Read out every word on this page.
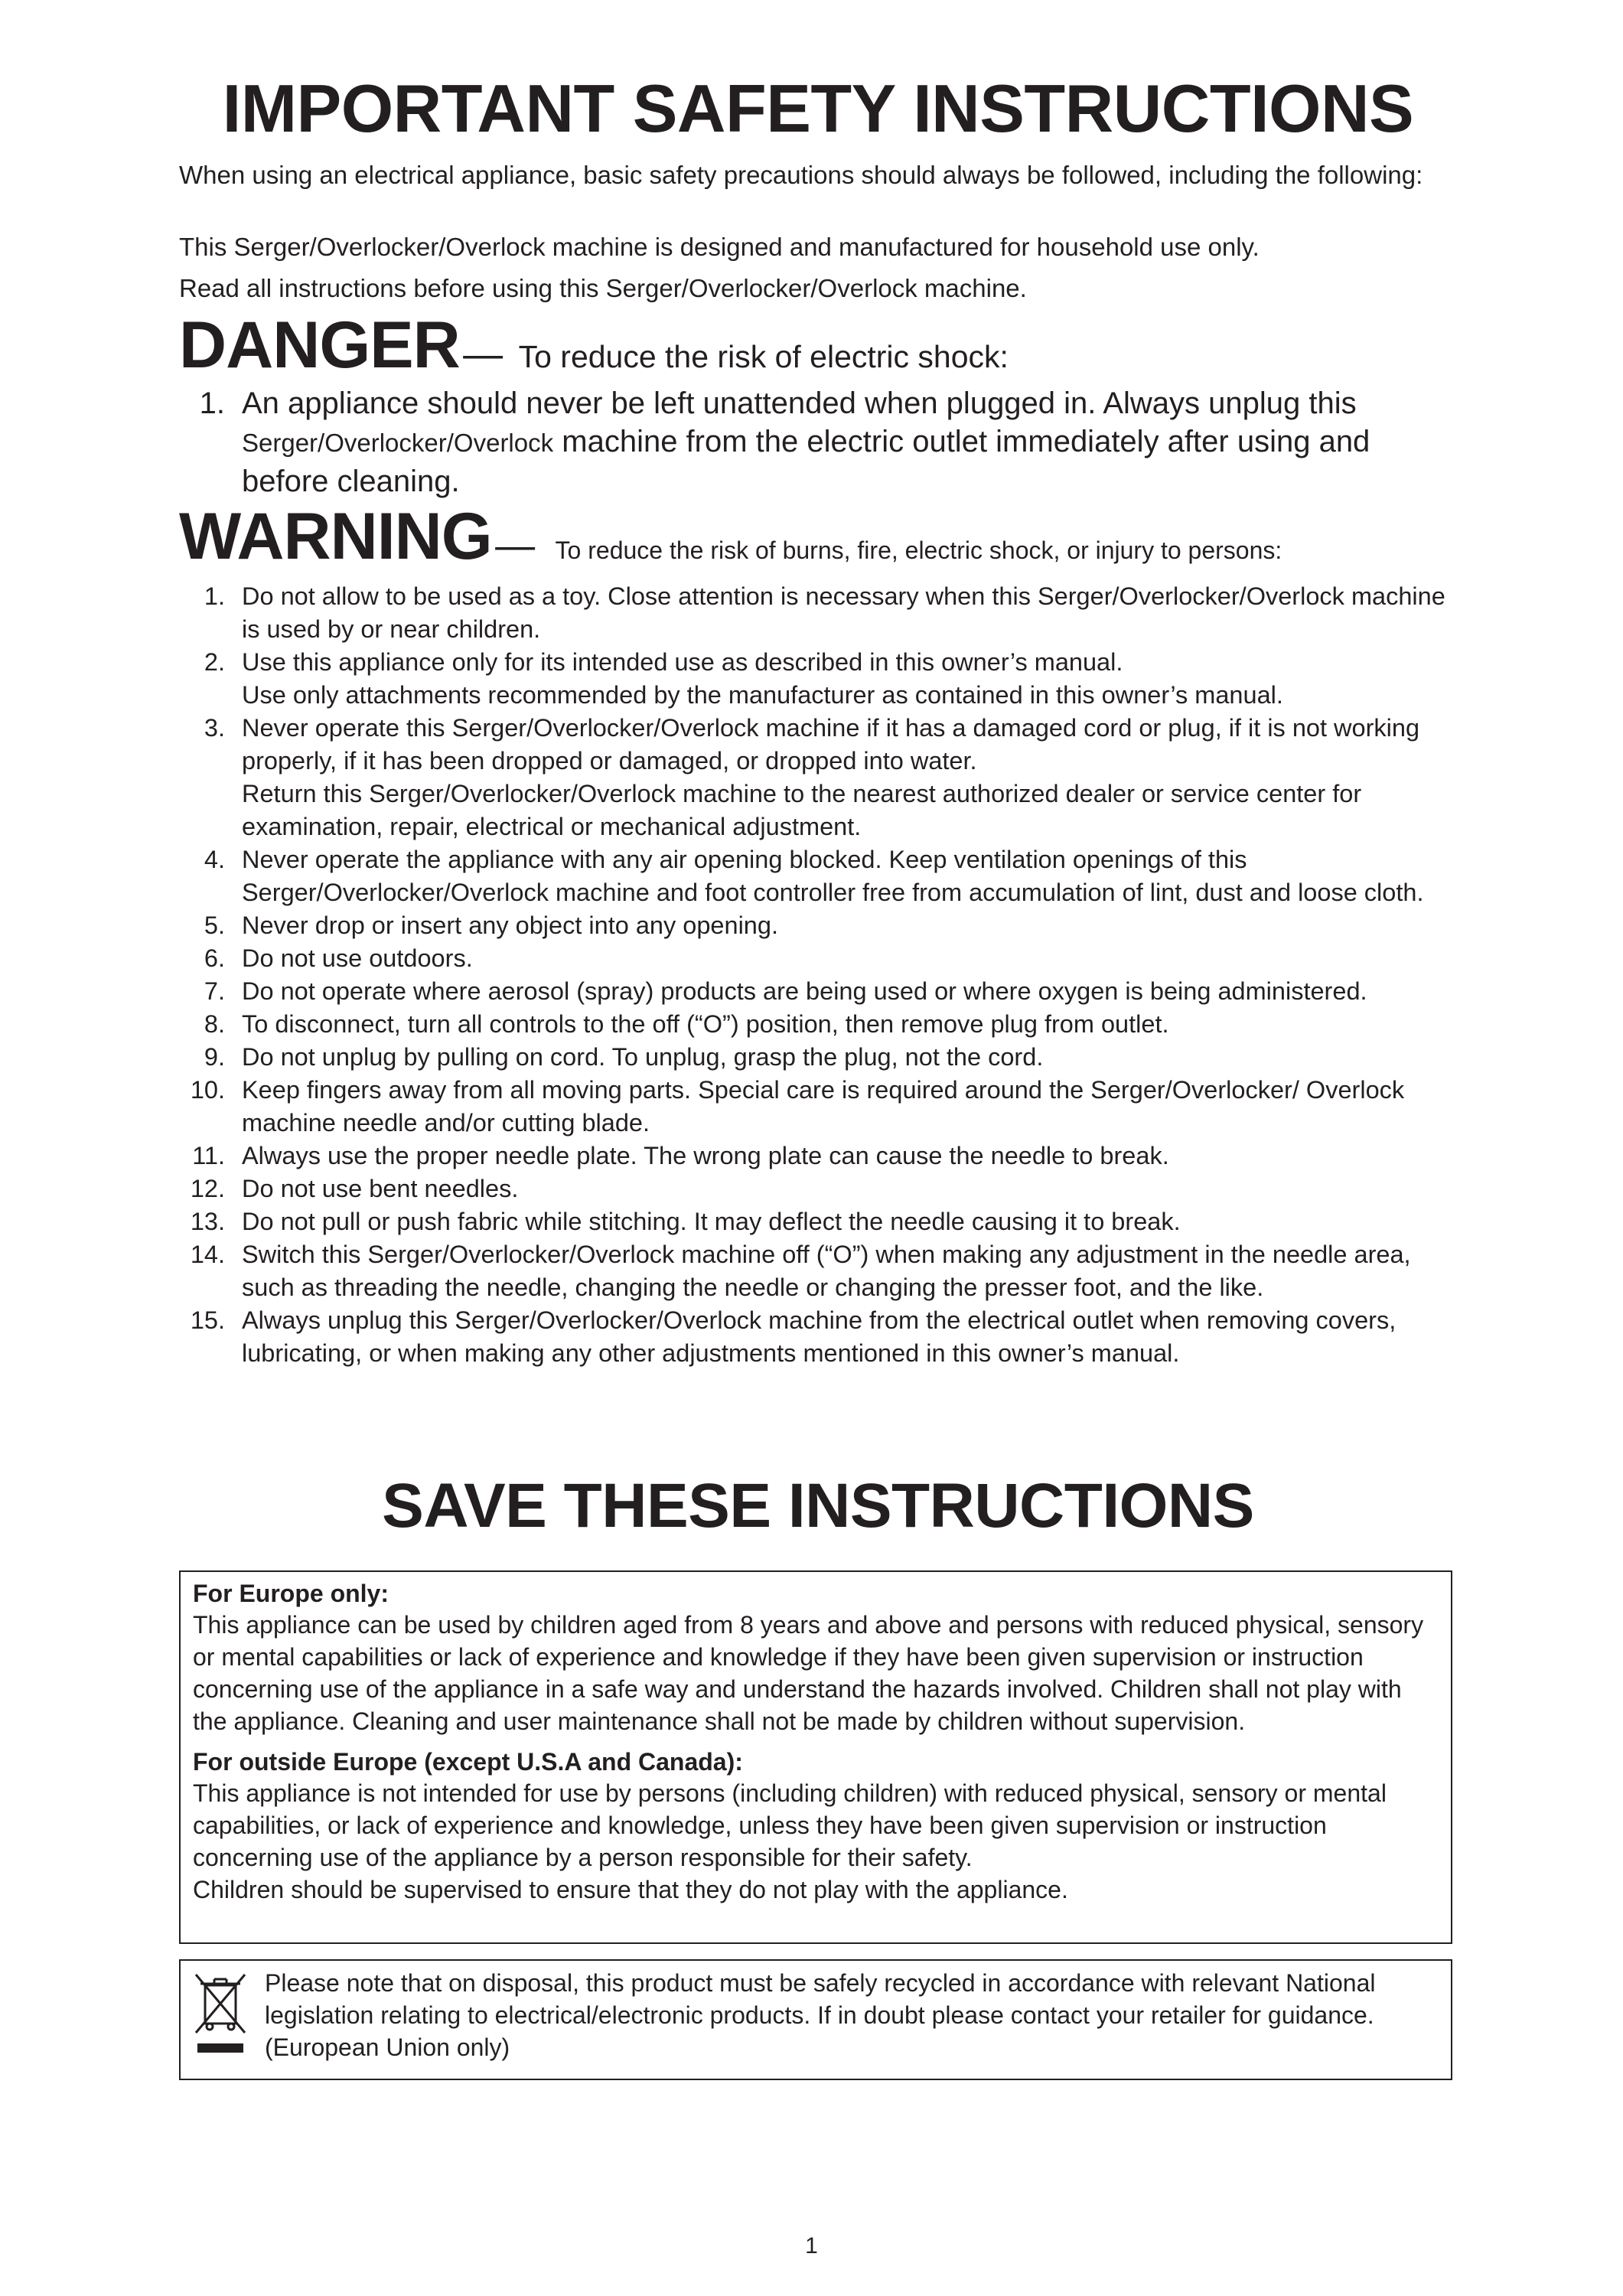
IMPORTANT SAFETY INSTRUCTIONS

When using an electrical appliance, basic safety precautions should always be followed, including the following:

This Serger/Overlocker/Overlock machine is designed and manufactured for household use only.

Read all instructions before using this Serger/Overlocker/Overlock machine.

DANGER — To reduce the risk of electric shock:
1. An appliance should never be left unattended when plugged in. Always unplug this Serger/Overlocker/Overlock machine from the electric outlet immediately after using and before cleaning.
WARNING — To reduce the risk of burns, fire, electric shock, or injury to persons:
1. Do not allow to be used as a toy. Close attention is necessary when this Serger/Overlocker/Overlock machine is used by or near children.
2. Use this appliance only for its intended use as described in this owner’s manual.
Use only attachments recommended by the manufacturer as contained in this owner’s manual.
3. Never operate this Serger/Overlocker/Overlock machine if it has a damaged cord or plug, if it is not working properly, if it has been dropped or damaged, or dropped into water.
Return this Serger/Overlocker/Overlock machine to the nearest authorized dealer or service center for examination, repair, electrical or mechanical adjustment.
4. Never operate the appliance with any air opening blocked. Keep ventilation openings of this Serger/Overlocker/Overlock machine and foot controller free from accumulation of lint, dust and loose cloth.
5. Never drop or insert any object into any opening.
6. Do not use outdoors.
7. Do not operate where aerosol (spray) products are being used or where oxygen is being administered.
8. To disconnect, turn all controls to the off (“O”) position, then remove plug from outlet.
9. Do not unplug by pulling on cord. To unplug, grasp the plug, not the cord.
10. Keep fingers away from all moving parts. Special care is required around the Serger/Overlocker/ Overlock machine needle and/or cutting blade.
11. Always use the proper needle plate. The wrong plate can cause the needle to break.
12. Do not use bent needles.
13. Do not pull or push fabric while stitching. It may deflect the needle causing it to break.
14. Switch this Serger/Overlocker/Overlock machine off (“O”) when making any adjustment in the needle area, such as threading the needle, changing the needle or changing the presser foot, and the like.
15. Always unplug this Serger/Overlocker/Overlock machine from the electrical outlet when removing covers, lubricating, or when making any other adjustments mentioned in this owner’s manual.
SAVE THESE INSTRUCTIONS

For Europe only:

This appliance can be used by children aged from 8 years and above and persons with reduced physical, sensory or mental capabilities or lack of experience and knowledge if they have been given supervision or instruction concerning use of the appliance in a safe way and understand the hazards involved. Children shall not play with the appliance. Cleaning and user maintenance shall not be made by children without supervision.

For outside Europe (except U.S.A and Canada):

This appliance is not intended for use by persons (including children) with reduced physical, sensory or mental capabilities, or lack of experience and knowledge, unless they have been given supervision or instruction concerning use of the appliance by a person responsible for their safety.

Children should be supervised to ensure that they do not play with the appliance.

Please note that on disposal, this product must be safely recycled in accordance with relevant National legislation relating to electrical/electronic products. If in doubt please contact your retailer for guidance. (European Union only)

1
